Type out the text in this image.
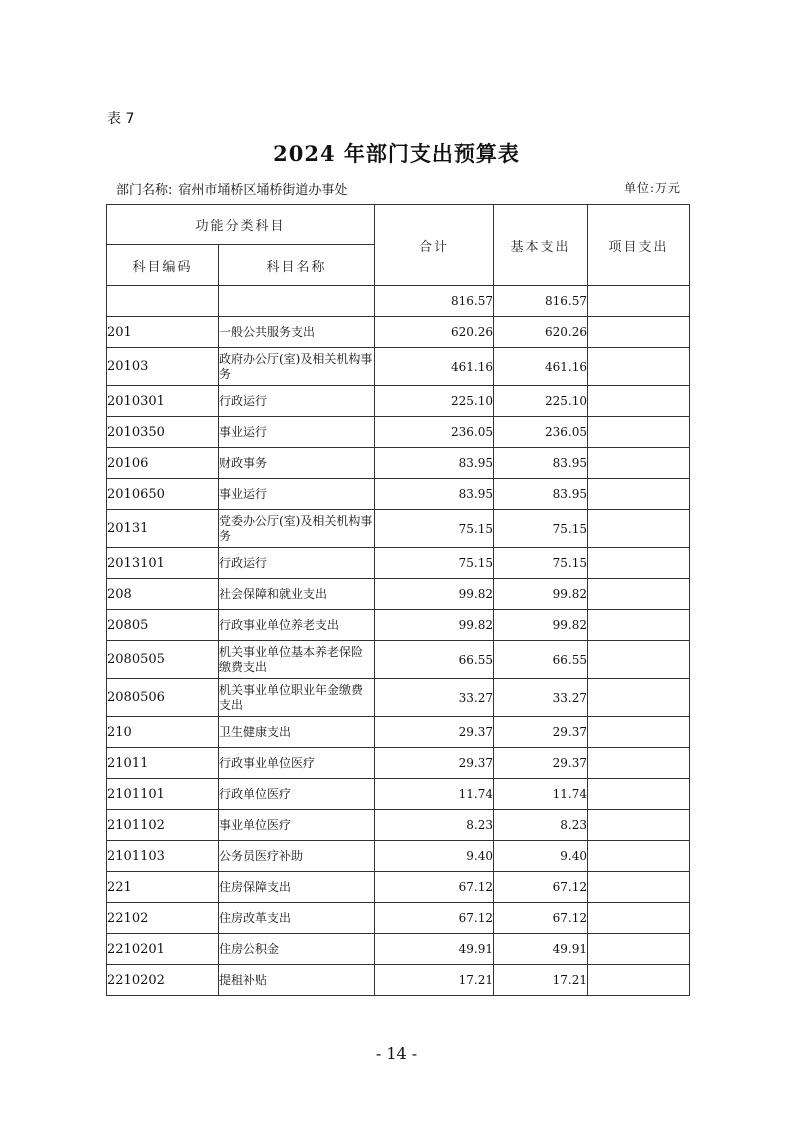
表 7
2024 年部门支出预算表
部门名称: 宿州市埇桥区埇桥街道办事处	单位:万元
功能分类科目		合计	基本支出	项目支出
科目编码	科目名称			
		816.57	816.57	
201	一般公共服务支出	620.26	620.26	
20103	政府办公厅(室)及相关机构事务	461.16	461.16	
2010301	行政运行	225.10	225.10	
2010350	事业运行	236.05	236.05	
20106	财政事务	83.95	83.95	
2010650	事业运行	83.95	83.95	
20131	党委办公厅(室)及相关机构事务	75.15	75.15	
2013101	行政运行	75.15	75.15	
208	社会保障和就业支出	99.82	99.82	
20805	行政事业单位养老支出	99.82	99.82	
2080505	机关事业单位基本养老保险缴费支出	66.55	66.55	
2080506	机关事业单位职业年金缴费支出	33.27	33.27	
210	卫生健康支出	29.37	29.37	
21011	行政事业单位医疗	29.37	29.37	
2101101	行政单位医疗	11.74	11.74	
2101102	事业单位医疗	8.23	8.23	
2101103	公务员医疗补助	9.40	9.40	
221	住房保障支出	67.12	67.12	
22102	住房改革支出	67.12	67.12	
2210201	住房公积金	49.91	49.91	
2210202	提租补贴	17.21	17.21	
- 14 -
